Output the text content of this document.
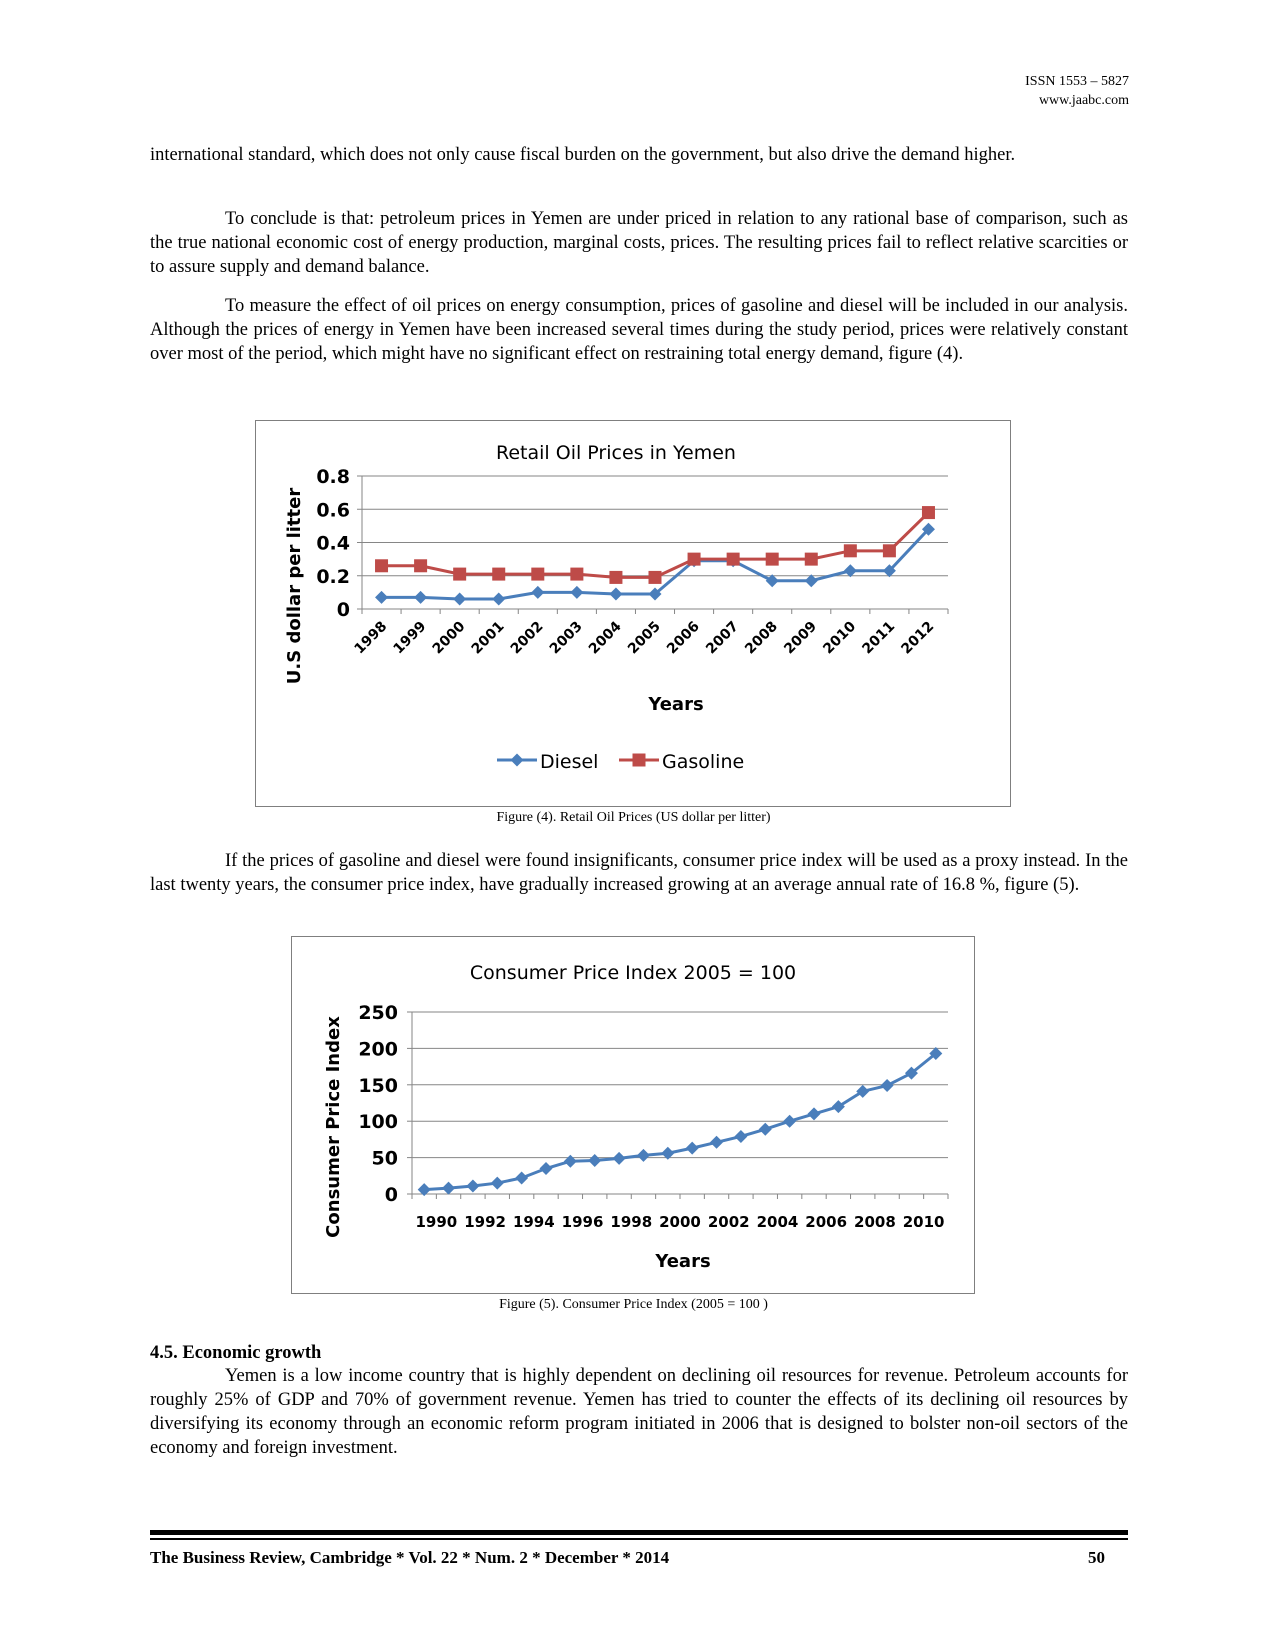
ISSN 1553 – 5827
www.jaabc.com

international standard, which does not only cause fiscal burden on the government, but also drive the demand higher.

To conclude is that: petroleum prices in Yemen are under priced in relation to any rational base of comparison, such as the true national economic cost of energy production, marginal costs, prices. The resulting prices fail to reflect relative scarcities or to assure supply and demand balance.

To measure the effect of oil prices on energy consumption, prices of gasoline and diesel will be included in our analysis. Although the prices of energy in Yemen have been increased several times during the study period, prices were relatively constant over most of the period, which might have no significant effect on restraining total energy demand, figure (4).

Retail Oil Prices in Yemen
0
0.2
0.4
0.6
0.8
1998 1999 2000 2001 2002 2003 2004 2005 2006 2007 2008 2009 2010 2011 2012
Years
U.S dollar per litter
Diesel	Gasoline
Figure (4). Retail Oil Prices (US dollar per litter)

If the prices of gasoline and diesel were found insignificants, consumer price index will be used as a proxy instead. In the last twenty years, the consumer price index, have gradually increased growing at an average annual rate of 16.8 %, figure (5).

Consumer Price Index 2005 = 100
0
50
100
150
200
250
1990 1992 1994 1996 1998 2000 2002 2004 2006 2008 2010
Years
Consumer Price Index
Figure (5). Consumer Price Index (2005 = 100 )
4.5. Economic growth

Yemen is a low income country that is highly dependent on declining oil resources for revenue. Petroleum accounts for roughly 25% of GDP and 70% of government revenue. Yemen has tried to counter the effects of its declining oil resources by diversifying its economy through an economic reform program initiated in 2006 that is designed to bolster non-oil sectors of the economy and foreign investment.

The Business Review, Cambridge * Vol. 22 * Num. 2 * December * 2014	50
